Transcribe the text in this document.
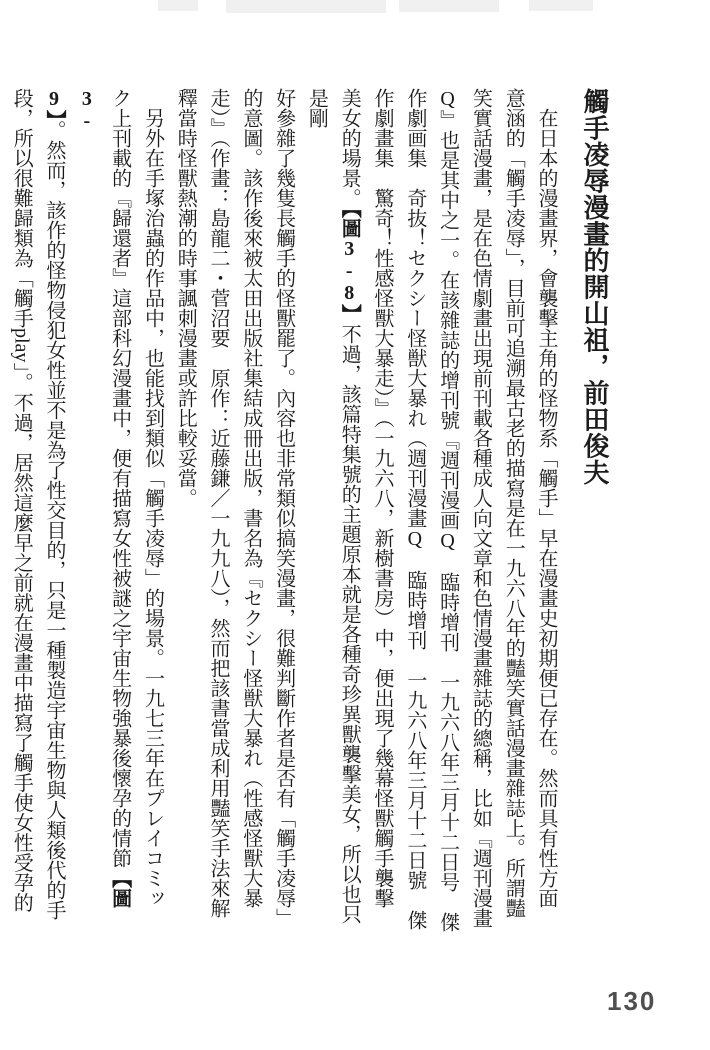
觸手凌辱漫畫的開山祖，前田俊夫
在日本的漫畫界，會襲擊主角的怪物系「觸手」早在漫畫史初期便已存在。然而具有性方面
意涵的「觸手凌辱」，目前可追溯最古老的描寫是在一九六八年的豔笑實話漫畫雜誌上。所謂豔
笑實話漫畫，是在色情劇畫出現前刊載各種成人向文章和色情漫畫雜誌的總稱，比如『週刊漫畫
Q』也是其中之一。在該雜誌的增刊號『週刊漫画Q　臨時增刊　一九六八年三月十二日号　傑
作劇画集　奇抜！セクシー怪獣大暴れ（週刊漫畫Q　臨時增刊　一九六八年三月十二日號　傑
作劇畫集　驚奇！性感怪獸大暴走）』（一九六八，新樹書房）中，便出現了幾幕怪獸觸手襲擊
美女的場景。【圖3-8】不過，該篇特集號的主題原本就是各種奇珍異獸襲擊美女，所以也只是剛
好參雜了幾隻長觸手的怪獸罷了。內容也非常類似搞笑漫畫，很難判斷作者是否有「觸手凌辱」
的意圖。該作後來被太田出版社集結成冊出版，書名為『セクシー怪獣大暴れ（性感怪獸大暴
走）』（作畫：島龍二・菅沼要　原作：近藤鎌／一九九八），然而把該書當成利用豔笑手法來解
釋當時怪獸熱潮的時事諷刺漫畫或許比較妥當。
另外在手塚治蟲的作品中，也能找到類似「觸手凌辱」的場景。一九七三年在プレイコミッ
ク上刊載的『歸還者』這部科幻漫畫中，便有描寫女性被謎之宇宙生物強暴後懷孕的情節【圖3-
9】。然而，該作的怪物侵犯女性並不是為了性交目的，只是一種製造宇宙生物與人類後代的手
段，所以很難歸類為「觸手play」。不過，居然這麼早之前就在漫畫中描寫了觸手使女性受孕的
130
